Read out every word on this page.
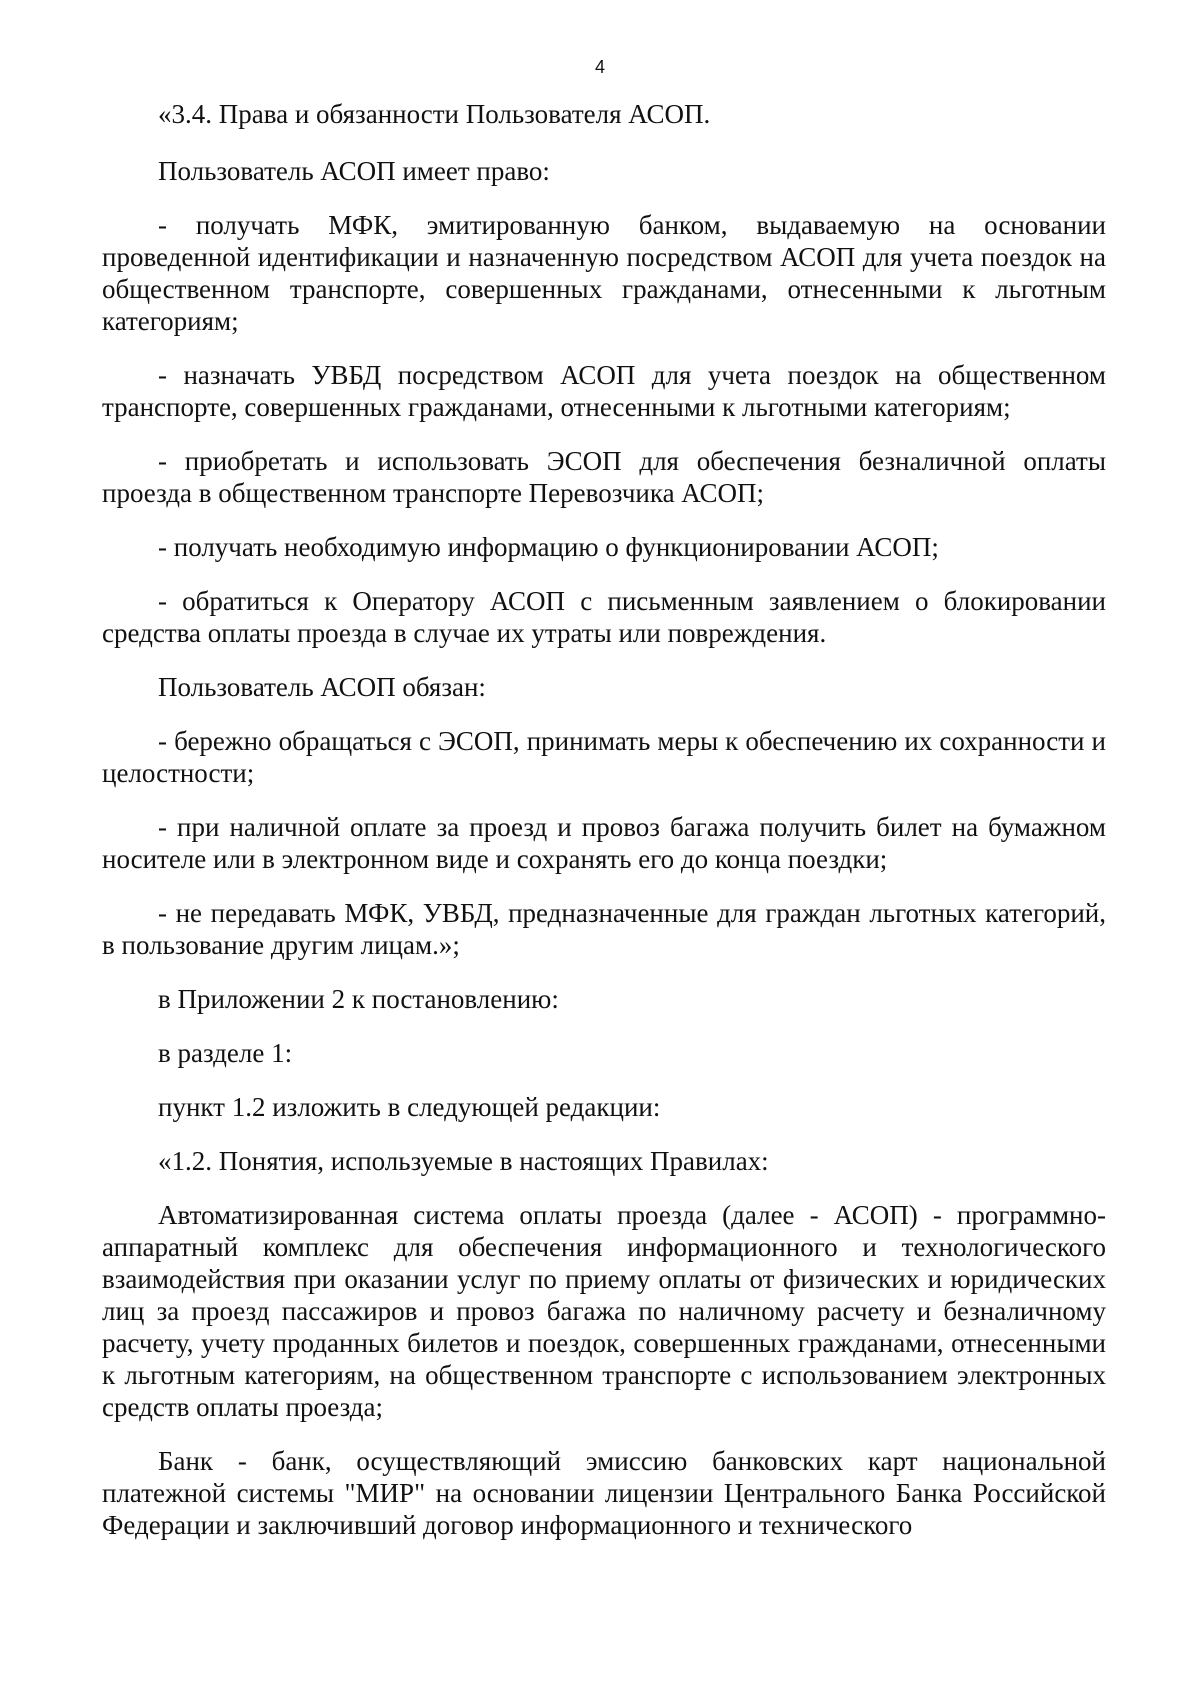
4

«3.4. Права и обязанности Пользователя АСОП.

Пользователь АСОП имеет право:

- получать МФК, эмитированную банком, выдаваемую на основании проведенной идентификации и назначенную посредством АСОП для учета поездок на общественном транспорте, совершенных гражданами, отнесенными к льготным категориям;

- назначать УВБД посредством АСОП для учета поездок на общественном транспорте, совершенных гражданами, отнесенными к льготными категориям;

- приобретать и использовать ЭСОП для обеспечения безналичной оплаты проезда в общественном транспорте Перевозчика АСОП;

- получать необходимую информацию о функционировании АСОП;

- обратиться к Оператору АСОП с письменным заявлением о блокировании средства оплаты проезда в случае их утраты или повреждения.

Пользователь АСОП обязан:

- бережно обращаться с ЭСОП, принимать меры к обеспечению их сохранности и целостности;

- при наличной оплате за проезд и провоз багажа получить билет на бумажном носителе или в электронном виде и сохранять его до конца поездки;

- не передавать МФК, УВБД, предназначенные для граждан льготных категорий, в пользование другим лицам.»;

в Приложении 2 к постановлению:

в разделе 1:

пункт 1.2 изложить в следующей редакции:

«1.2. Понятия, используемые в настоящих Правилах:

Автоматизированная система оплаты проезда (далее - АСОП) - программно-аппаратный комплекс для обеспечения информационного и технологического взаимодействия при оказании услуг по приему оплаты от физических и юридических лиц за проезд пассажиров и провоз багажа по наличному расчету и безналичному расчету, учету проданных билетов и поездок, совершенных гражданами, отнесенными к льготным категориям, на общественном транспорте с использованием электронных средств оплаты проезда;

Банк - банк, осуществляющий эмиссию банковских карт национальной платежной системы "МИР" на основании лицензии Центрального Банка Российской Федерации и заключивший договор информационного и технического
